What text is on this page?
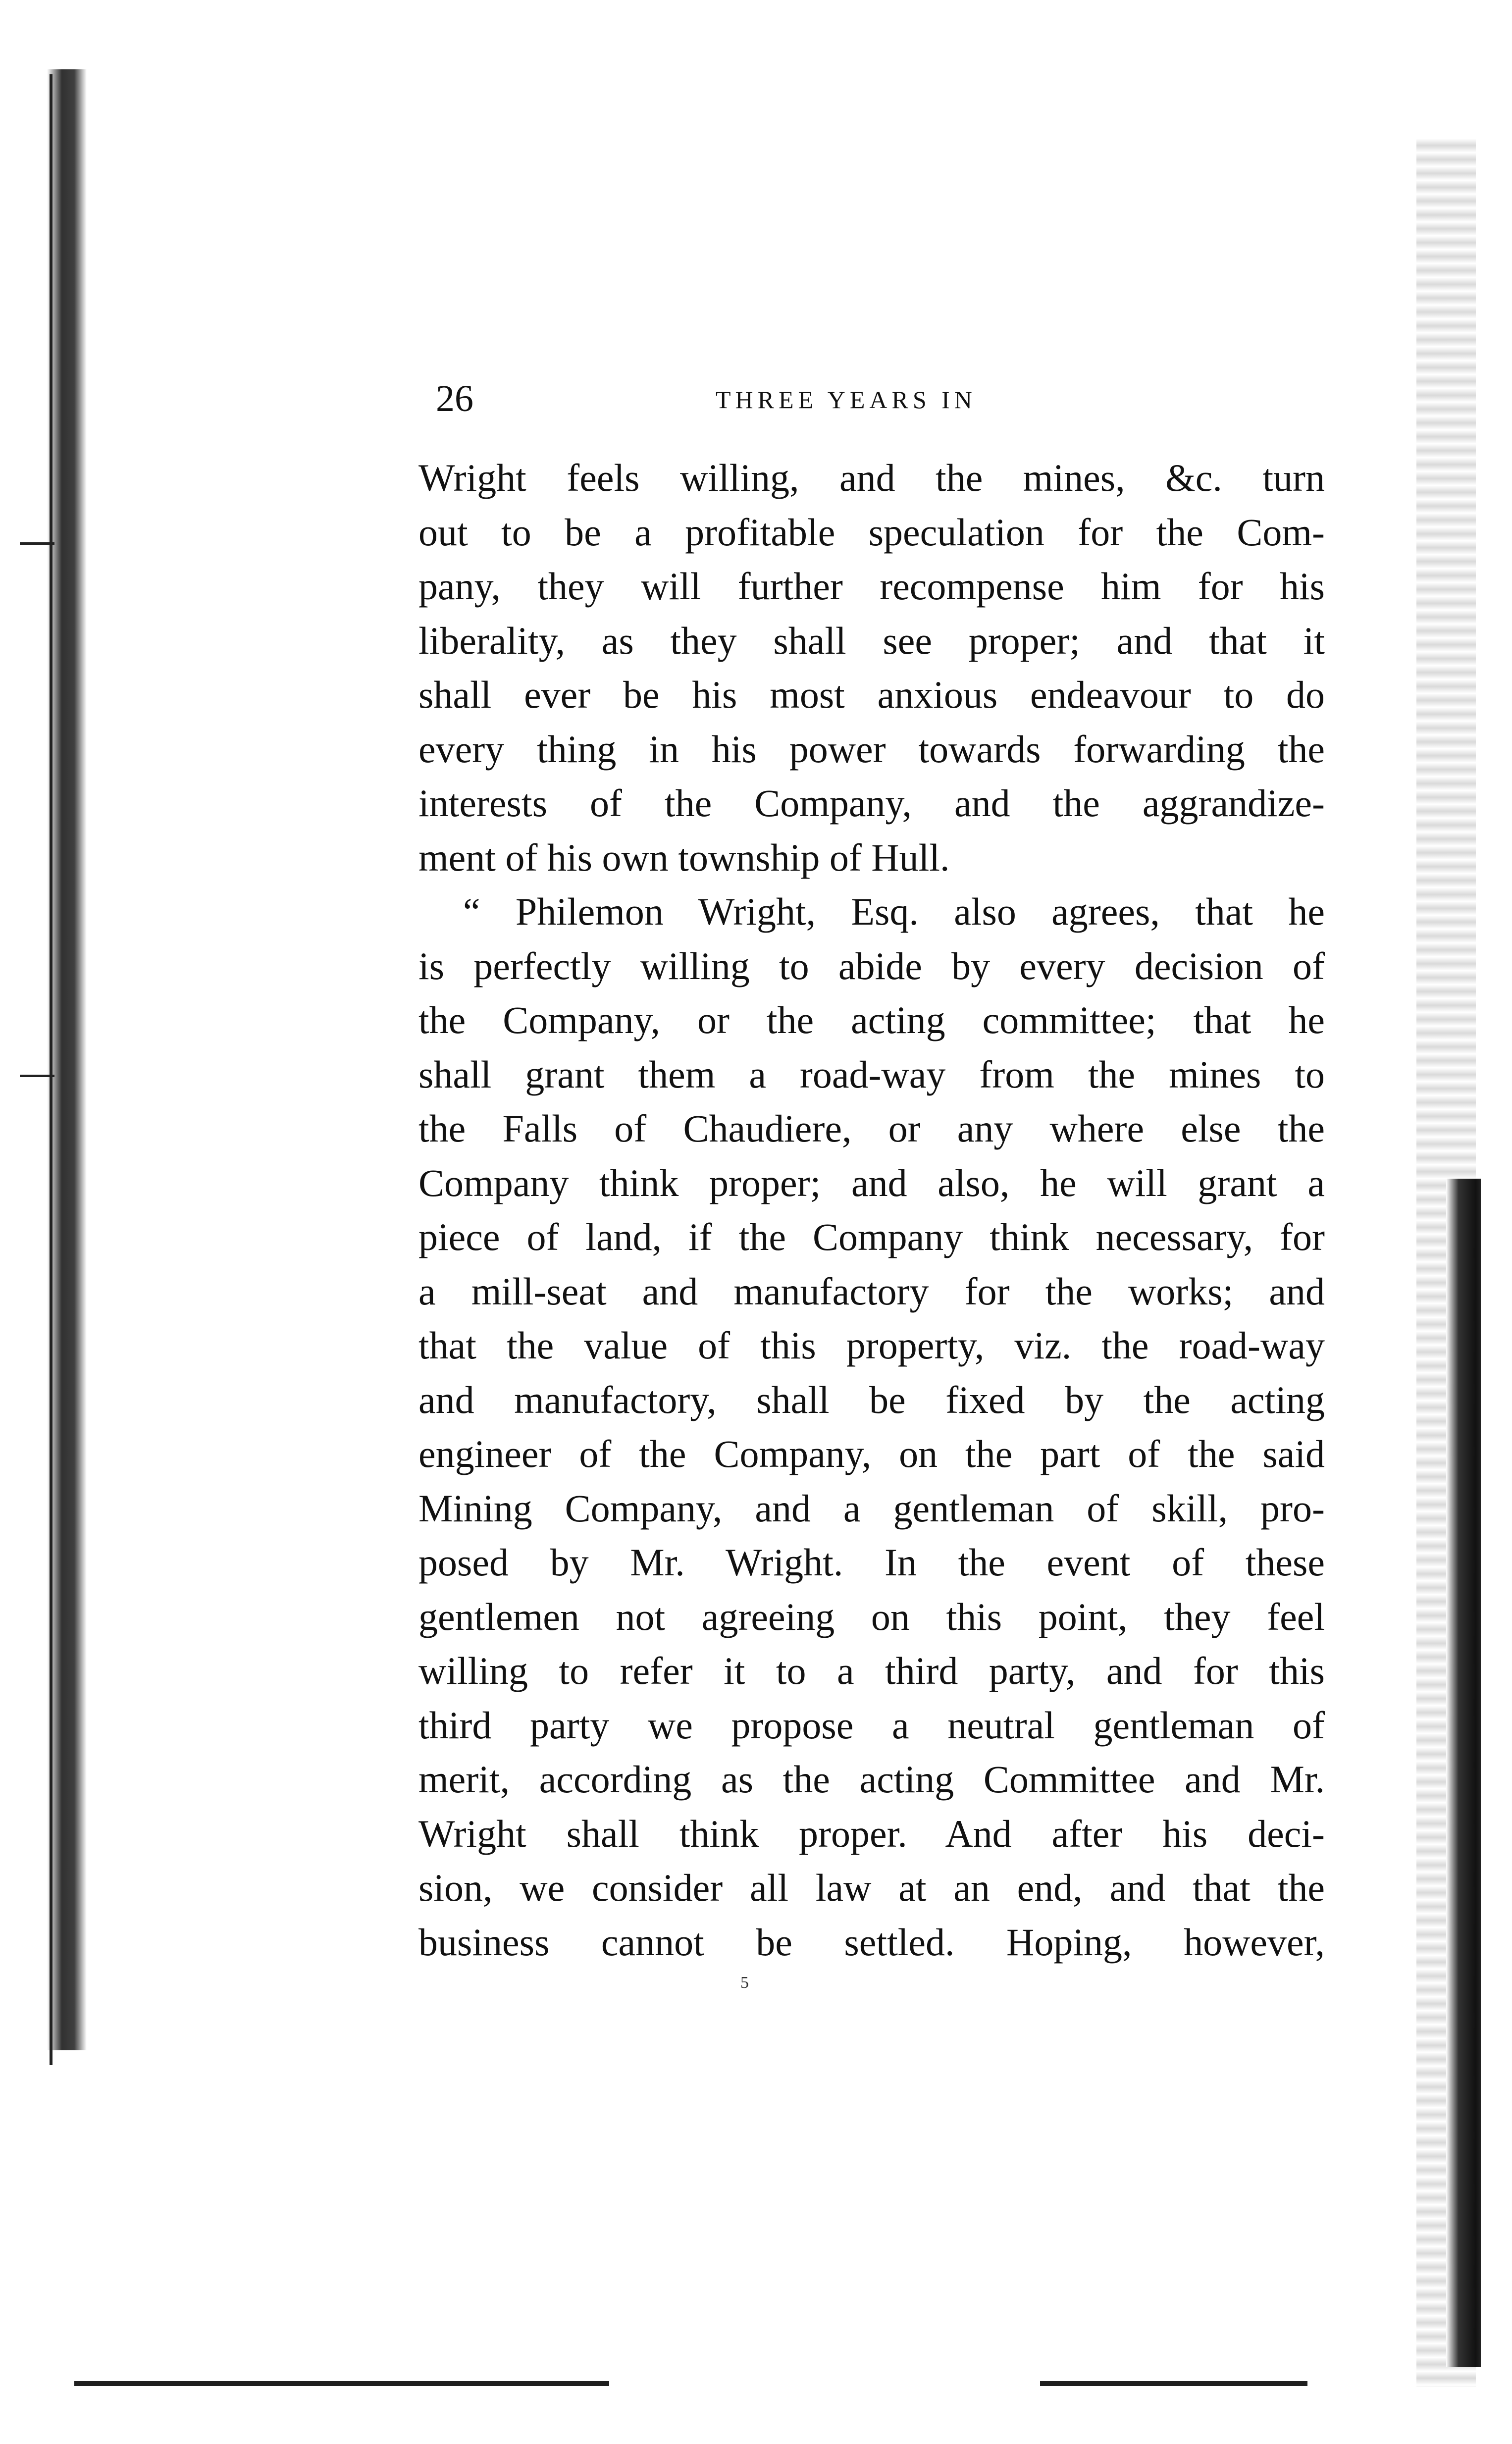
26	THREE YEARS IN
Wright feels willing, and the mines, &c. turn
out to be a profitable speculation for the Com-
pany, they will further recompense him for his
liberality, as they shall see proper; and that it
shall ever be his most anxious endeavour to do
every thing in his power towards forwarding the
interests of the Company, and the aggrandize-
ment of his own township of Hull.
“ Philemon Wright, Esq. also agrees, that he
is perfectly willing to abide by every decision of
the Company, or the acting committee; that he
shall grant them a road-way from the mines to
the Falls of Chaudiere, or any where else the
Company think proper; and also, he will grant a
piece of land, if the Company think necessary, for
a mill-seat and manufactory for the works; and
that the value of this property, viz. the road-way
and manufactory, shall be fixed by the acting
engineer of the Company, on the part of the said
Mining Company, and a gentleman of skill, pro-
posed by Mr. Wright. In the event of these
gentlemen not agreeing on this point, they feel
willing to refer it to a third party, and for this
third party we propose a neutral gentleman of
merit, according as the acting Committee and Mr.
Wright shall think proper. And after his deci-
sion, we consider all law at an end, and that the
business cannot be settled. Hoping, however,
5
